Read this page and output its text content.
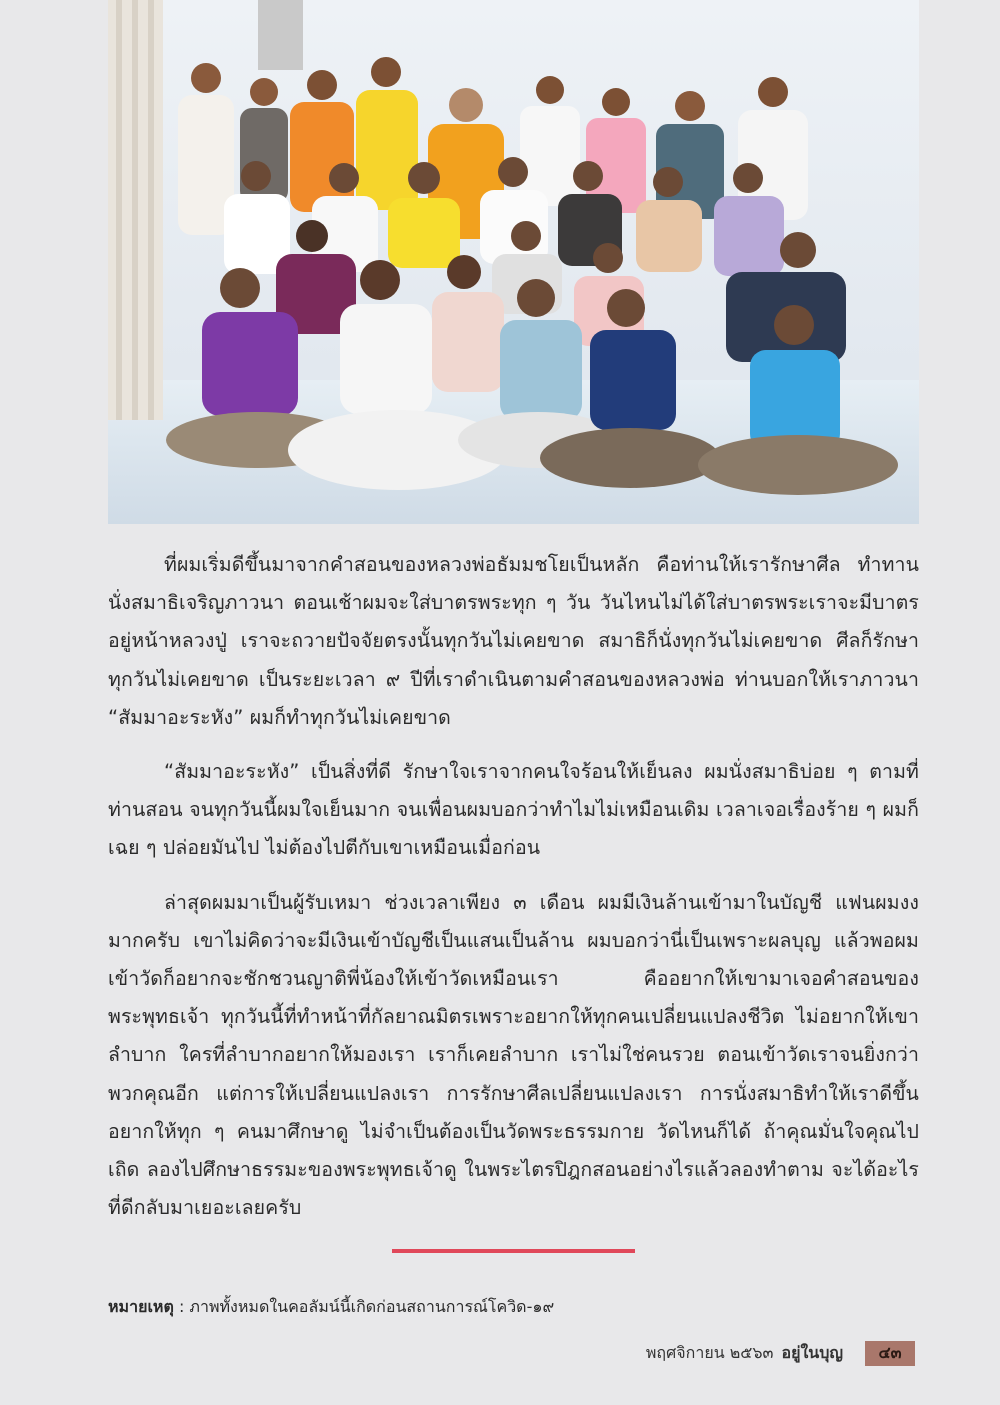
ที่ผมเริ่มดีขึ้นมาจากคำสอนของหลวงพ่อธัมมชโยเป็นหลัก คือท่านให้เรารักษาศีล ทำทาน นั่งสมาธิเจริญภาวนา ตอนเช้าผมจะใส่บาตรพระทุก ๆ วัน วันไหนไม่ได้ใส่บาตรพระเราจะมีบาตรอยู่หน้าหลวงปู่ เราจะถวายปัจจัยตรงนั้นทุกวันไม่เคยขาด สมาธิก็นั่งทุกวันไม่เคยขาด ศีลก็รักษาทุกวันไม่เคยขาด เป็นระยะเวลา ๙ ปีที่เราดำเนินตามคำสอนของหลวงพ่อ ท่านบอกให้เราภาวนา “สัมมาอะระหัง” ผมก็ทำทุกวันไม่เคยขาด

“สัมมาอะระหัง” เป็นสิ่งที่ดี รักษาใจเราจากคนใจร้อนให้เย็นลง ผมนั่งสมาธิบ่อย ๆ ตามที่ท่านสอน จนทุกวันนี้ผมใจเย็นมาก จนเพื่อนผมบอกว่าทำไมไม่เหมือนเดิม เวลาเจอเรื่องร้าย ๆ ผมก็เฉย ๆ ปล่อยมันไป ไม่ต้องไปตีกับเขาเหมือนเมื่อก่อน

ล่าสุดผมมาเป็นผู้รับเหมา ช่วงเวลาเพียง ๓ เดือน ผมมีเงินล้านเข้ามาในบัญชี แฟนผมงงมากครับ เขาไม่คิดว่าจะมีเงินเข้าบัญชีเป็นแสนเป็นล้าน ผมบอกว่านี่เป็นเพราะผลบุญ แล้วพอผมเข้าวัดก็อยากจะชักชวนญาติพี่น้องให้เข้าวัดเหมือนเรา คืออยากให้เขามาเจอคำสอนของพระพุทธเจ้า ทุกวันนี้ที่ทำหน้าที่กัลยาณมิตรเพราะอยากให้ทุกคนเปลี่ยนแปลงชีวิต ไม่อยากให้เขาลำบาก ใครที่ลำบากอยากให้มองเรา เราก็เคยลำบาก เราไม่ใช่คนรวย ตอนเข้าวัดเราจนยิ่งกว่าพวกคุณอีก แต่การให้เปลี่ยนแปลงเรา การรักษาศีลเปลี่ยนแปลงเรา การนั่งสมาธิทำให้เราดีขึ้น อยากให้ทุก ๆ คนมาศึกษาดู ไม่จำเป็นต้องเป็นวัดพระธรรมกาย วัดไหนก็ได้ ถ้าคุณมั่นใจคุณไปเถิด ลองไปศึกษาธรรมะของพระพุทธเจ้าดู ในพระไตรปิฎกสอนอย่างไรแล้วลองทำตาม จะได้อะไรที่ดีกลับมาเยอะเลยครับ

หมายเหตุ : ภาพทั้งหมดในคอลัมน์นี้เกิดก่อนสถานการณ์โควิด-๑๙
พฤศจิกายน ๒๕๖๓ อยู่ในบุญ	๔๓
